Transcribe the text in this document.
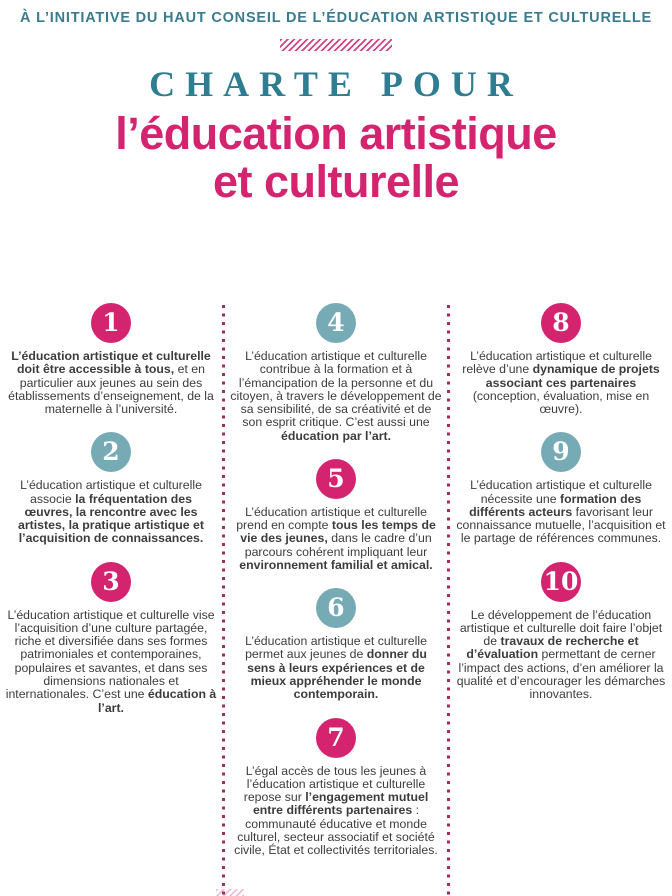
À L’INITIATIVE DU HAUT CONSEIL DE L’ÉDUCATION ARTISTIQUE ET CULTURELLE
CHARTE POUR
l’éducation artistique
et culturelle
1

L’éducation artistique et culturelle doit être accessible à tous, et en particulier aux jeunes au sein des établissements d’enseignement, de la maternelle à l’université.

2

L’éducation artistique et culturelle associe la fréquentation des œuvres, la rencontre avec les artistes, la pratique artistique et l’acquisition de connaissances.

3

L’éducation artistique et culturelle vise l’acquisition d’une culture partagée, riche et diversifiée dans ses formes patrimoniales et contemporaines, populaires et savantes, et dans ses dimensions nationales et internationales. C’est une éducation à l’art.

4

L’éducation artistique et culturelle contribue à la formation et à l’émancipation de la personne et du citoyen, à travers le développement de sa sensibilité, de sa créativité et de son esprit critique. C’est aussi une éducation par l’art.

5

L’éducation artistique et culturelle prend en compte tous les temps de vie des jeunes, dans le cadre d’un parcours cohérent impliquant leur environnement familial et amical.

6

L’éducation artistique et culturelle permet aux jeunes de donner du sens à leurs expériences et de mieux appréhender le monde contemporain.

7

L’égal accès de tous les jeunes à l’éducation artistique et culturelle repose sur l’engagement mutuel entre différents partenaires : communauté éducative et monde culturel, secteur associatif et société civile, État et collectivités territoriales.

8

L’éducation artistique et culturelle relève d’une dynamique de projets associant ces partenaires (conception, évaluation, mise en œuvre).

9

L’éducation artistique et culturelle nécessite une formation des différents acteurs favorisant leur connaissance mutuelle, l’acquisition et le partage de références communes.

10

Le développement de l’éducation artistique et culturelle doit faire l’objet de travaux de recherche et d’évaluation permettant de cerner l’impact des actions, d’en améliorer la qualité et d’encourager les démarches innovantes.
